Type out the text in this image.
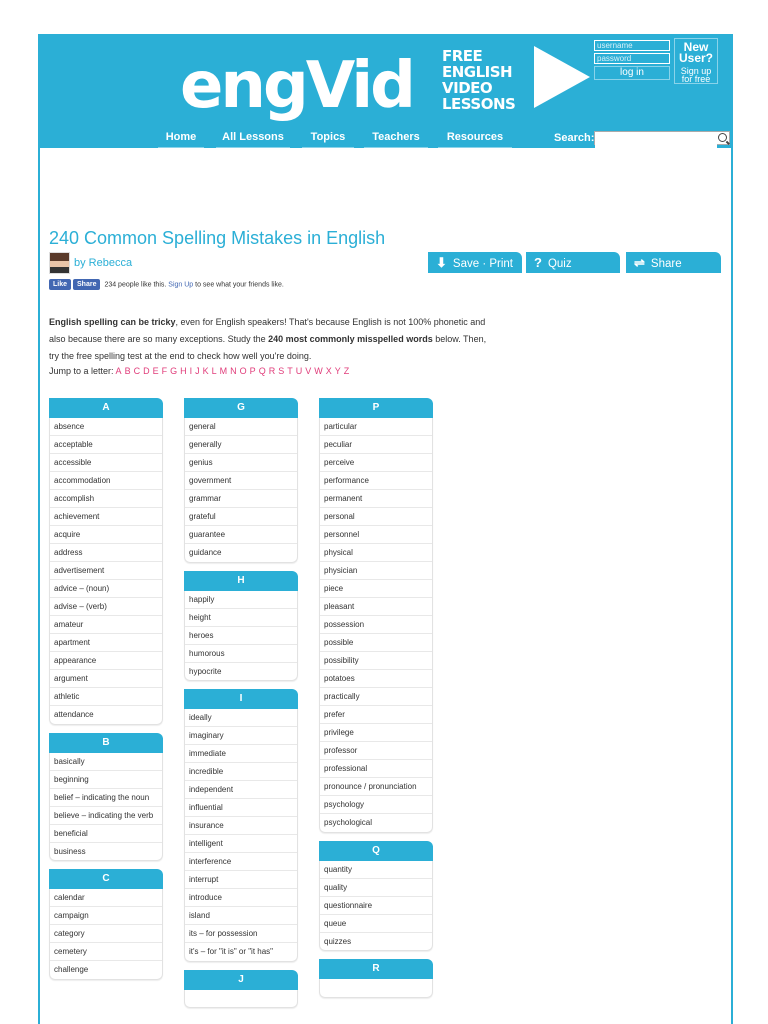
engVid FREE
ENGLISH
VIDEO
LESSONS
username
log in
New
User?
Sign up
for free
Home	All Lessons	Topics	Teachers	Resources	Search:
240 Common Spelling Mistakes in English
by Rebecca	⬇ Save · Print	? Quiz	⇌ Share
Like Share 234 people like this. Sign Up to see what your friends like.

English spelling can be tricky, even for English speakers! That's because English is not 100% phonetic and also because there are so many exceptions. Study the 240 most commonly misspelled words below. Then, try the free spelling test at the end to check how well you're doing.

Jump to a letter: A B C D E F G H I J K L M N O P Q R S T U V W X Y Z
A
absence
acceptable
accessible
accommodation
accomplish
achievement
acquire
address
advertisement
advice – (noun)
advise – (verb)
amateur
apartment
appearance
argument
athletic
attendance
B
basically
beginning
belief – indicating the noun
believe – indicating the verb
beneficial
business
C
calendar
campaign
category
cemetery
challenge
G
general
generally
genius
government
grammar
grateful
guarantee
guidance
H
happily
height
heroes
humorous
hypocrite
I
ideally
imaginary
immediate
incredible
independent
influential
insurance
intelligent
interference
interrupt
introduce
island
its – for possession
it's – for "it is" or "it has"
J
P
particular
peculiar
perceive
performance
permanent
personal
personnel
physical
physician
piece
pleasant
possession
possible
possibility
potatoes
practically
prefer
privilege
professor
professional
pronounce / pronunciation
psychology
psychological
Q
quantity
quality
questionnaire
queue
quizzes
R
